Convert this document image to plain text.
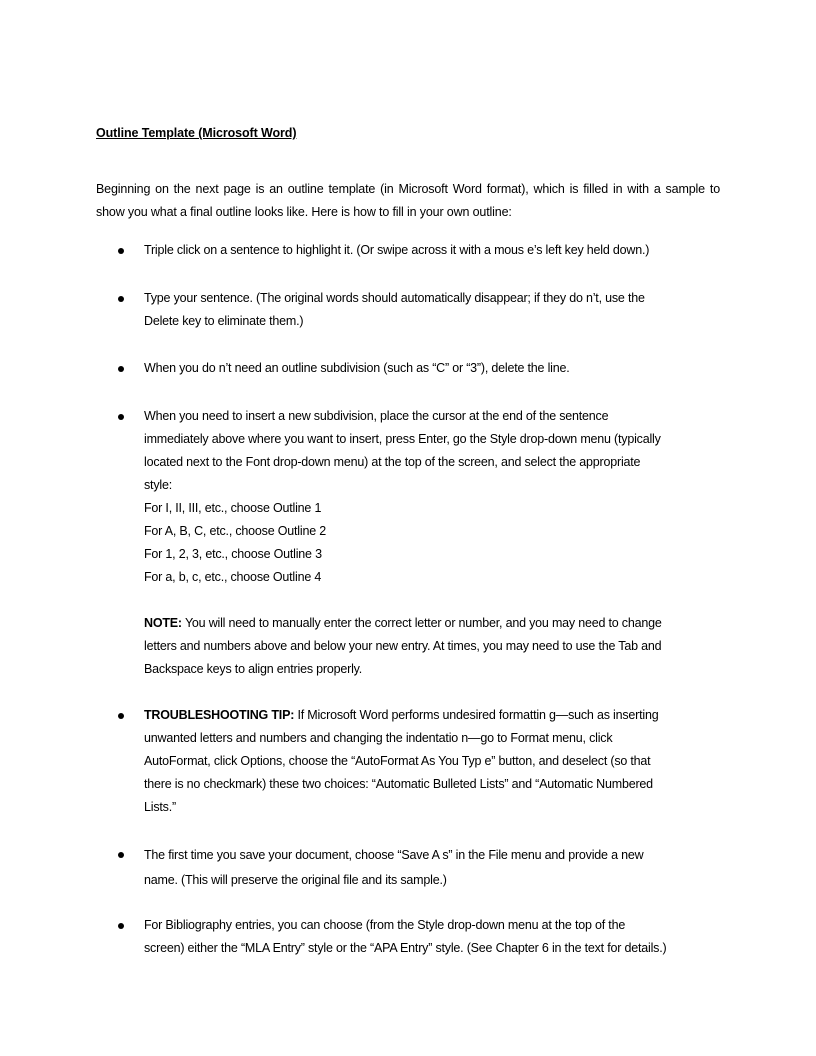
Outline Template (Microsoft Word)
Beginning on the next page is an outline template (in Microsoft Word format), which is filled in with a sample to show you what a final outline looks like. Here is how to fill in your own outline:
Triple click on a sentence to highlight it. (Or swipe across it with a mous e’s left key held down.)
Type your sentence. (The original words should automatically disappear; if they do n’t, use the
Delete key to eliminate them.)
When you do n’t need an outline subdivision (such as “C” or “3”), delete the line.
When you need to insert a new subdivision, place the cursor at the end of the sentence
immediately above where you want to insert, press Enter, go the Style drop-down menu (typically
located next to the Font drop-down menu) at the top of the screen, and select the appropriate
style:
For I, II, III, etc., choose Outline 1
For A, B, C, etc., choose Outline 2
For 1, 2, 3, etc., choose Outline 3
For a, b, c, etc., choose Outline 4
NOTE: You will need to manually enter the correct letter or number, and you may need to change
letters and numbers above and below your new entry. At times, you may need to use the Tab and
Backspace keys to align entries properly.
TROUBLESHOOTING TIP: If Microsoft Word performs undesired formattin g—such as inserting
unwanted letters and numbers and changing the indentatio n—go to Format menu, click
AutoFormat, click Options, choose the “AutoFormat As You Typ e” button, and deselect (so that
there is no checkmark) these two choices: “Automatic Bulleted Lists” and “Automatic Numbered
Lists.”
The first time you save your document, choose “Save A s” in the File menu and provide a new
name. (This will preserve the original file and its sample.)
For Bibliography entries, you can choose (from the Style drop-down menu at the top of the
screen) either the “MLA Entry” style or the “APA Entry” style. (See Chapter 6 in the text for details.)
